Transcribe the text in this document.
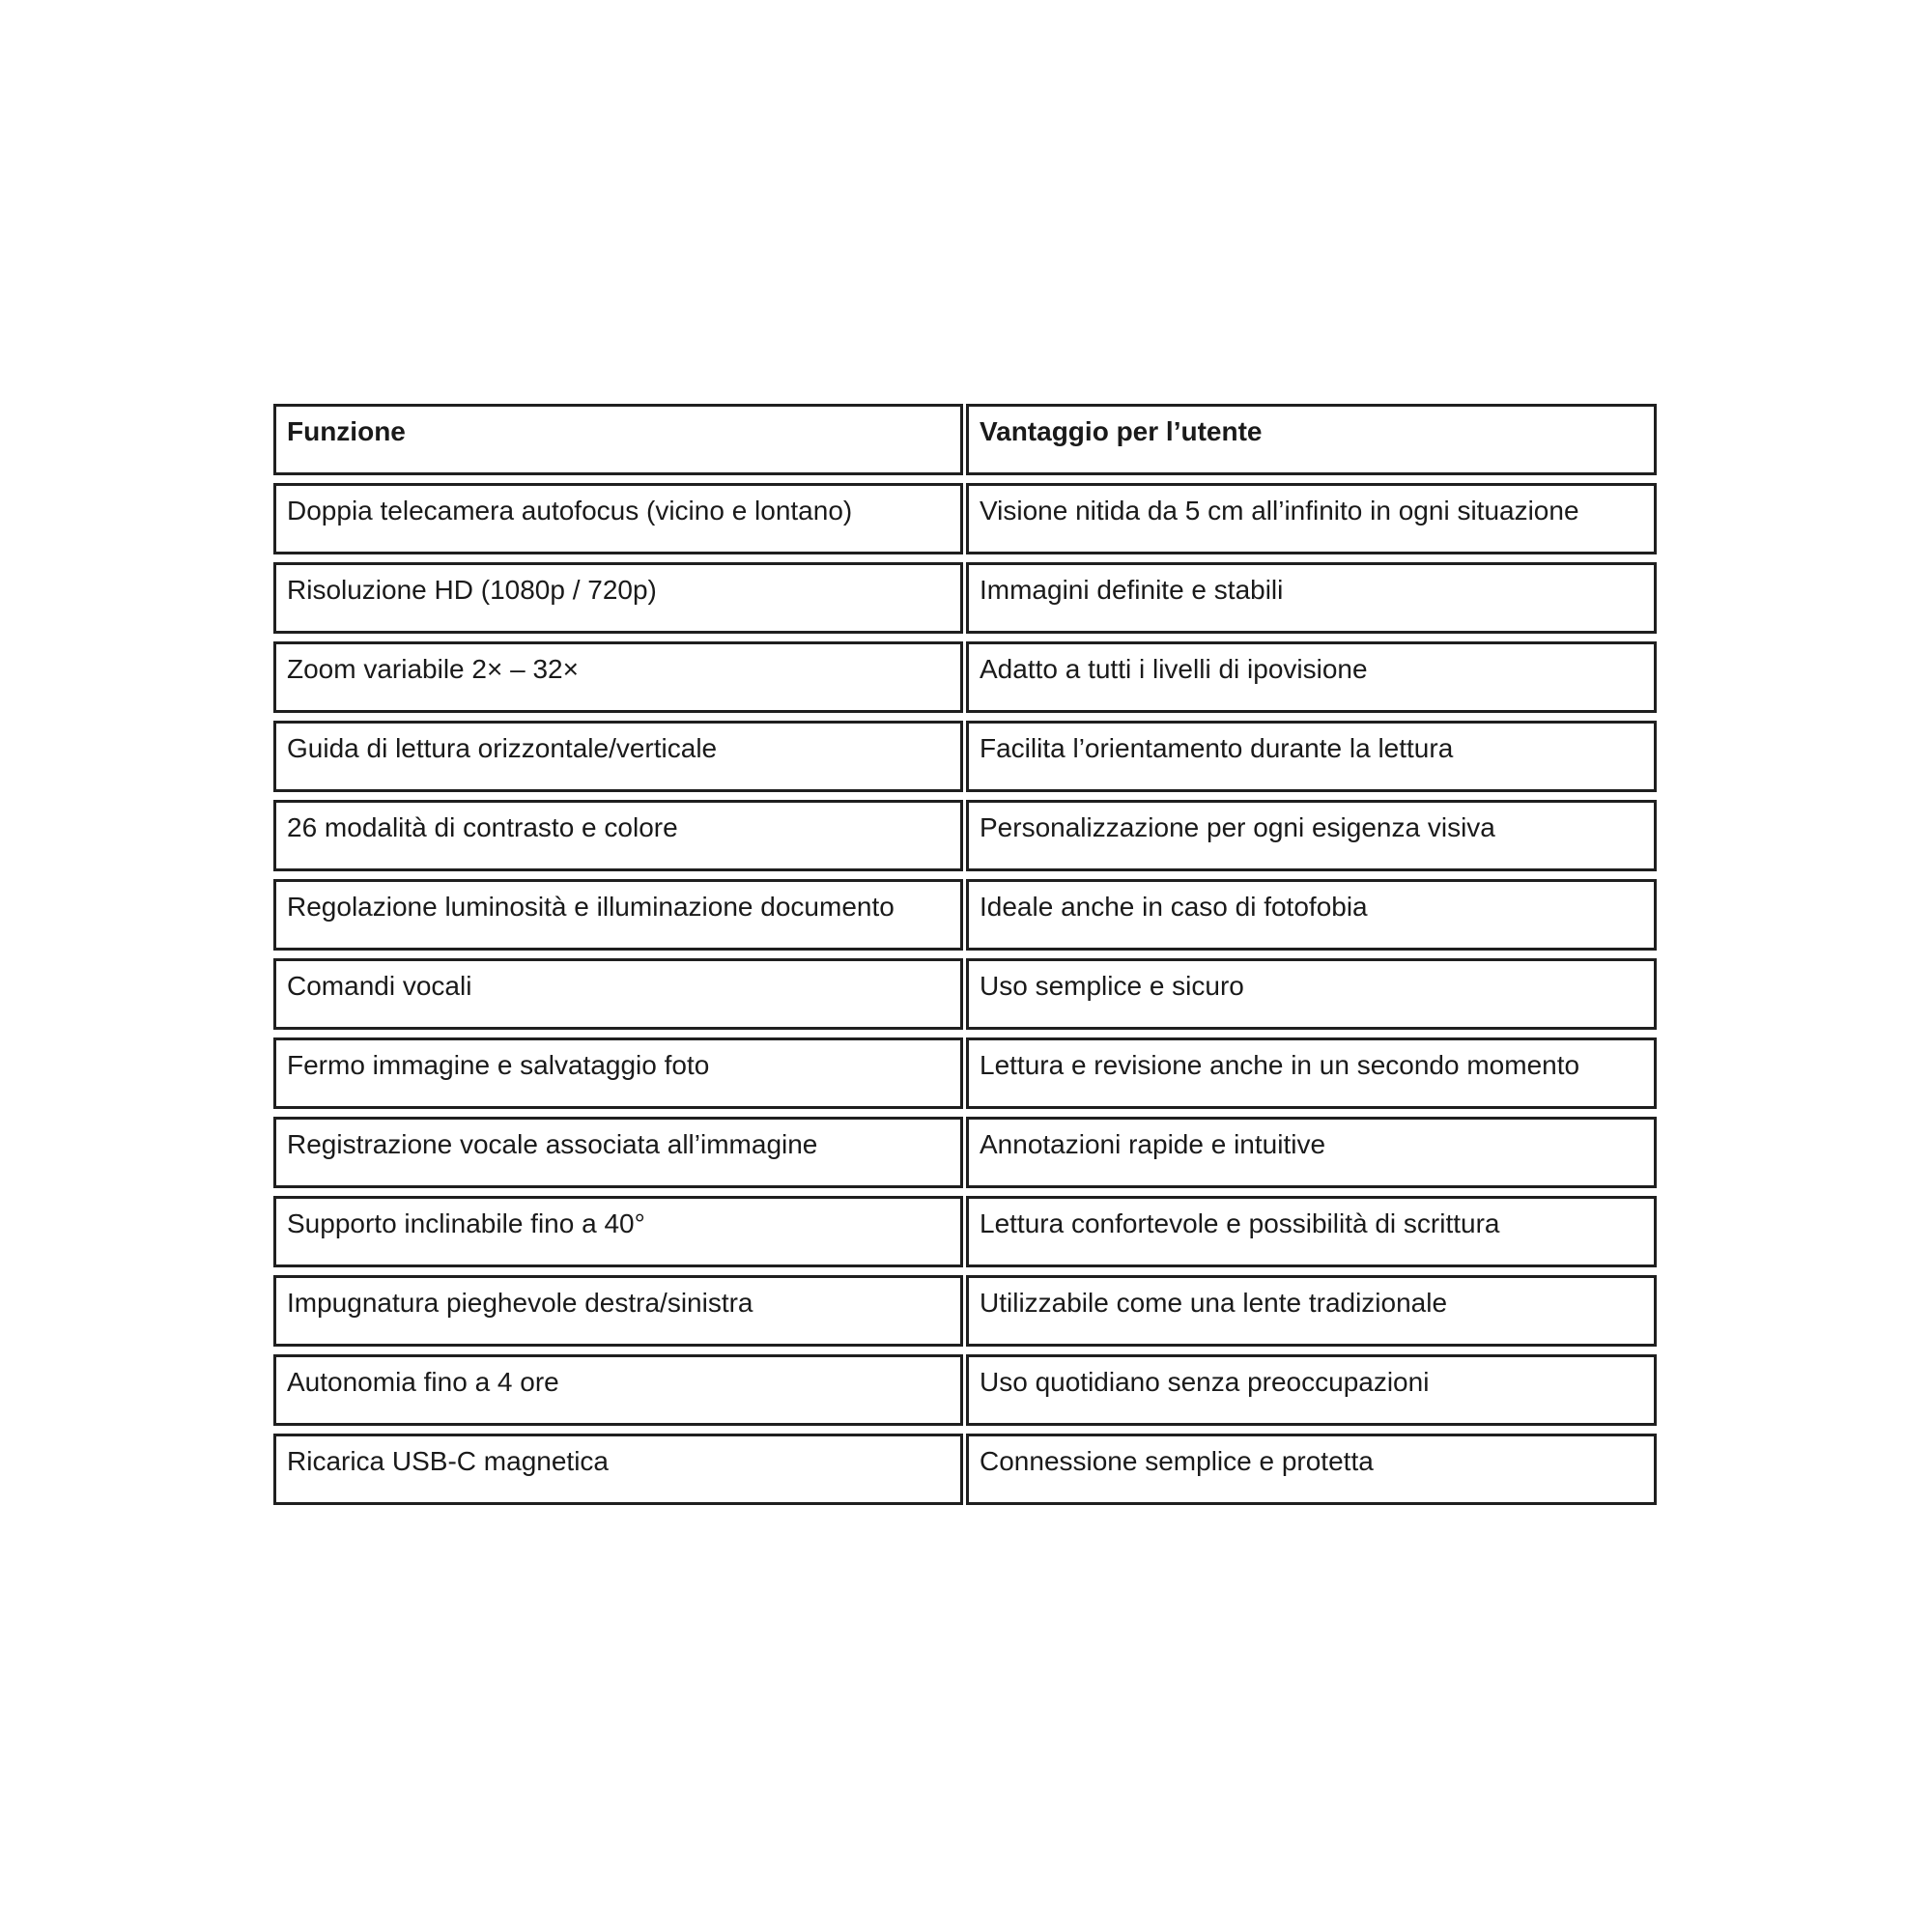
Funzione	Vantaggio per l’utente
Doppia telecamera autofocus (vicino e lontano)	Visione nitida da 5 cm all’infinito in ogni situazione
Risoluzione HD (1080p / 720p)	Immagini definite e stabili
Zoom variabile 2× – 32×	Adatto a tutti i livelli di ipovisione
Guida di lettura orizzontale/verticale	Facilita l’orientamento durante la lettura
26 modalità di contrasto e colore	Personalizzazione per ogni esigenza visiva
Regolazione luminosità e illuminazione documento	Ideale anche in caso di fotofobia
Comandi vocali	Uso semplice e sicuro
Fermo immagine e salvataggio foto	Lettura e revisione anche in un secondo momento
Registrazione vocale associata all’immagine	Annotazioni rapide e intuitive
Supporto inclinabile fino a 40°	Lettura confortevole e possibilità di scrittura
Impugnatura pieghevole destra/sinistra	Utilizzabile come una lente tradizionale
Autonomia fino a 4 ore	Uso quotidiano senza preoccupazioni
Ricarica USB-C magnetica	Connessione semplice e protetta
